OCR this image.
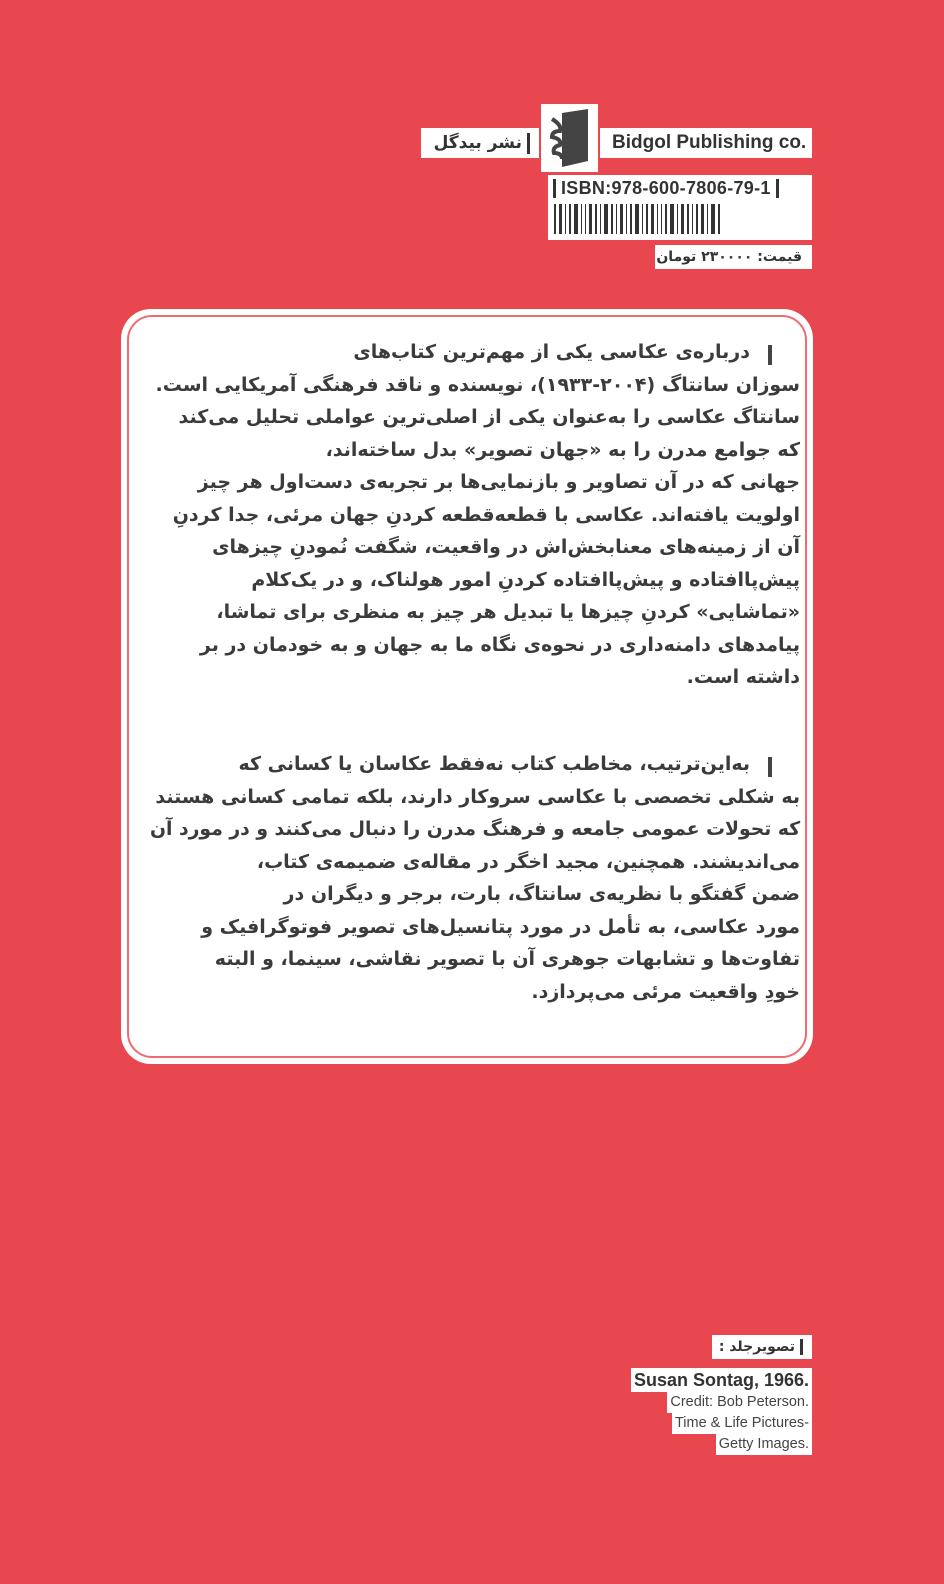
نشر بیدگل	Bidgol Publishing co.
ISBN:978-600-7806-79-1
قیمت: ۲۳۰۰۰۰ تومان
تصویرجلد :
Susan Sontag, 1966.
Credit: Bob Peterson.
Time & Life Pictures-
Getty Images.
درباره‌ی عکاسی یکی از مهم‌ترین کتاب‌های
سوزان سانتاگ (۲۰۰۴-۱۹۳۳)، نویسنده و ناقد فرهنگی آمریکایی است.
سانتاگ عکاسی را به‌عنوان یکی از اصلی‌ترین عواملی تحلیل می‌کند
که جوامع مدرن را به «جهان تصویر» بدل ساخته‌اند،
جهانی که در آن تصاویر و بازنمایی‌ها بر تجربه‌ی دست‌اول هر چیز
اولویت یافته‌اند. عکاسی با قطعه‌قطعه کردنِ جهان مرئی، جدا کردنِ
آن از زمینه‌های معنابخش‌اش در واقعیت، شگفت نُمودنِ چیزهای
پیش‌پاافتاده و پیش‌پاافتاده کردنِ امور هولناک، و در یک‌کلام
«تماشایی» کردنِ چیزها یا تبدیل هر چیز به منظری برای تماشا،
پیامدهای دامنه‌داری در نحوه‌ی نگاه ما به جهان و به خودمان در بر
داشته است.
به‌این‌ترتیب، مخاطب کتاب نه‌فقط عکاسان یا کسانی که
به شکلی تخصصی با عکاسی سروکار دارند، بلکه تمامی کسانی هستند
که تحولات عمومی جامعه و فرهنگ مدرن را دنبال می‌کنند و در مورد آن
می‌اندیشند. همچنین، مجید اخگر در مقاله‌ی ضمیمه‌ی کتاب،
ضمن گفتگو با نظریه‌ی سانتاگ، بارت، برجر و دیگران در
مورد عکاسی، به تأمل در مورد پتانسیل‌های تصویر فوتوگرافیک و
تفاوت‌ها و تشابهات جوهری آن با تصویر نقاشی، سینما، و البته
خودِ واقعیت مرئی می‌پردازد.
